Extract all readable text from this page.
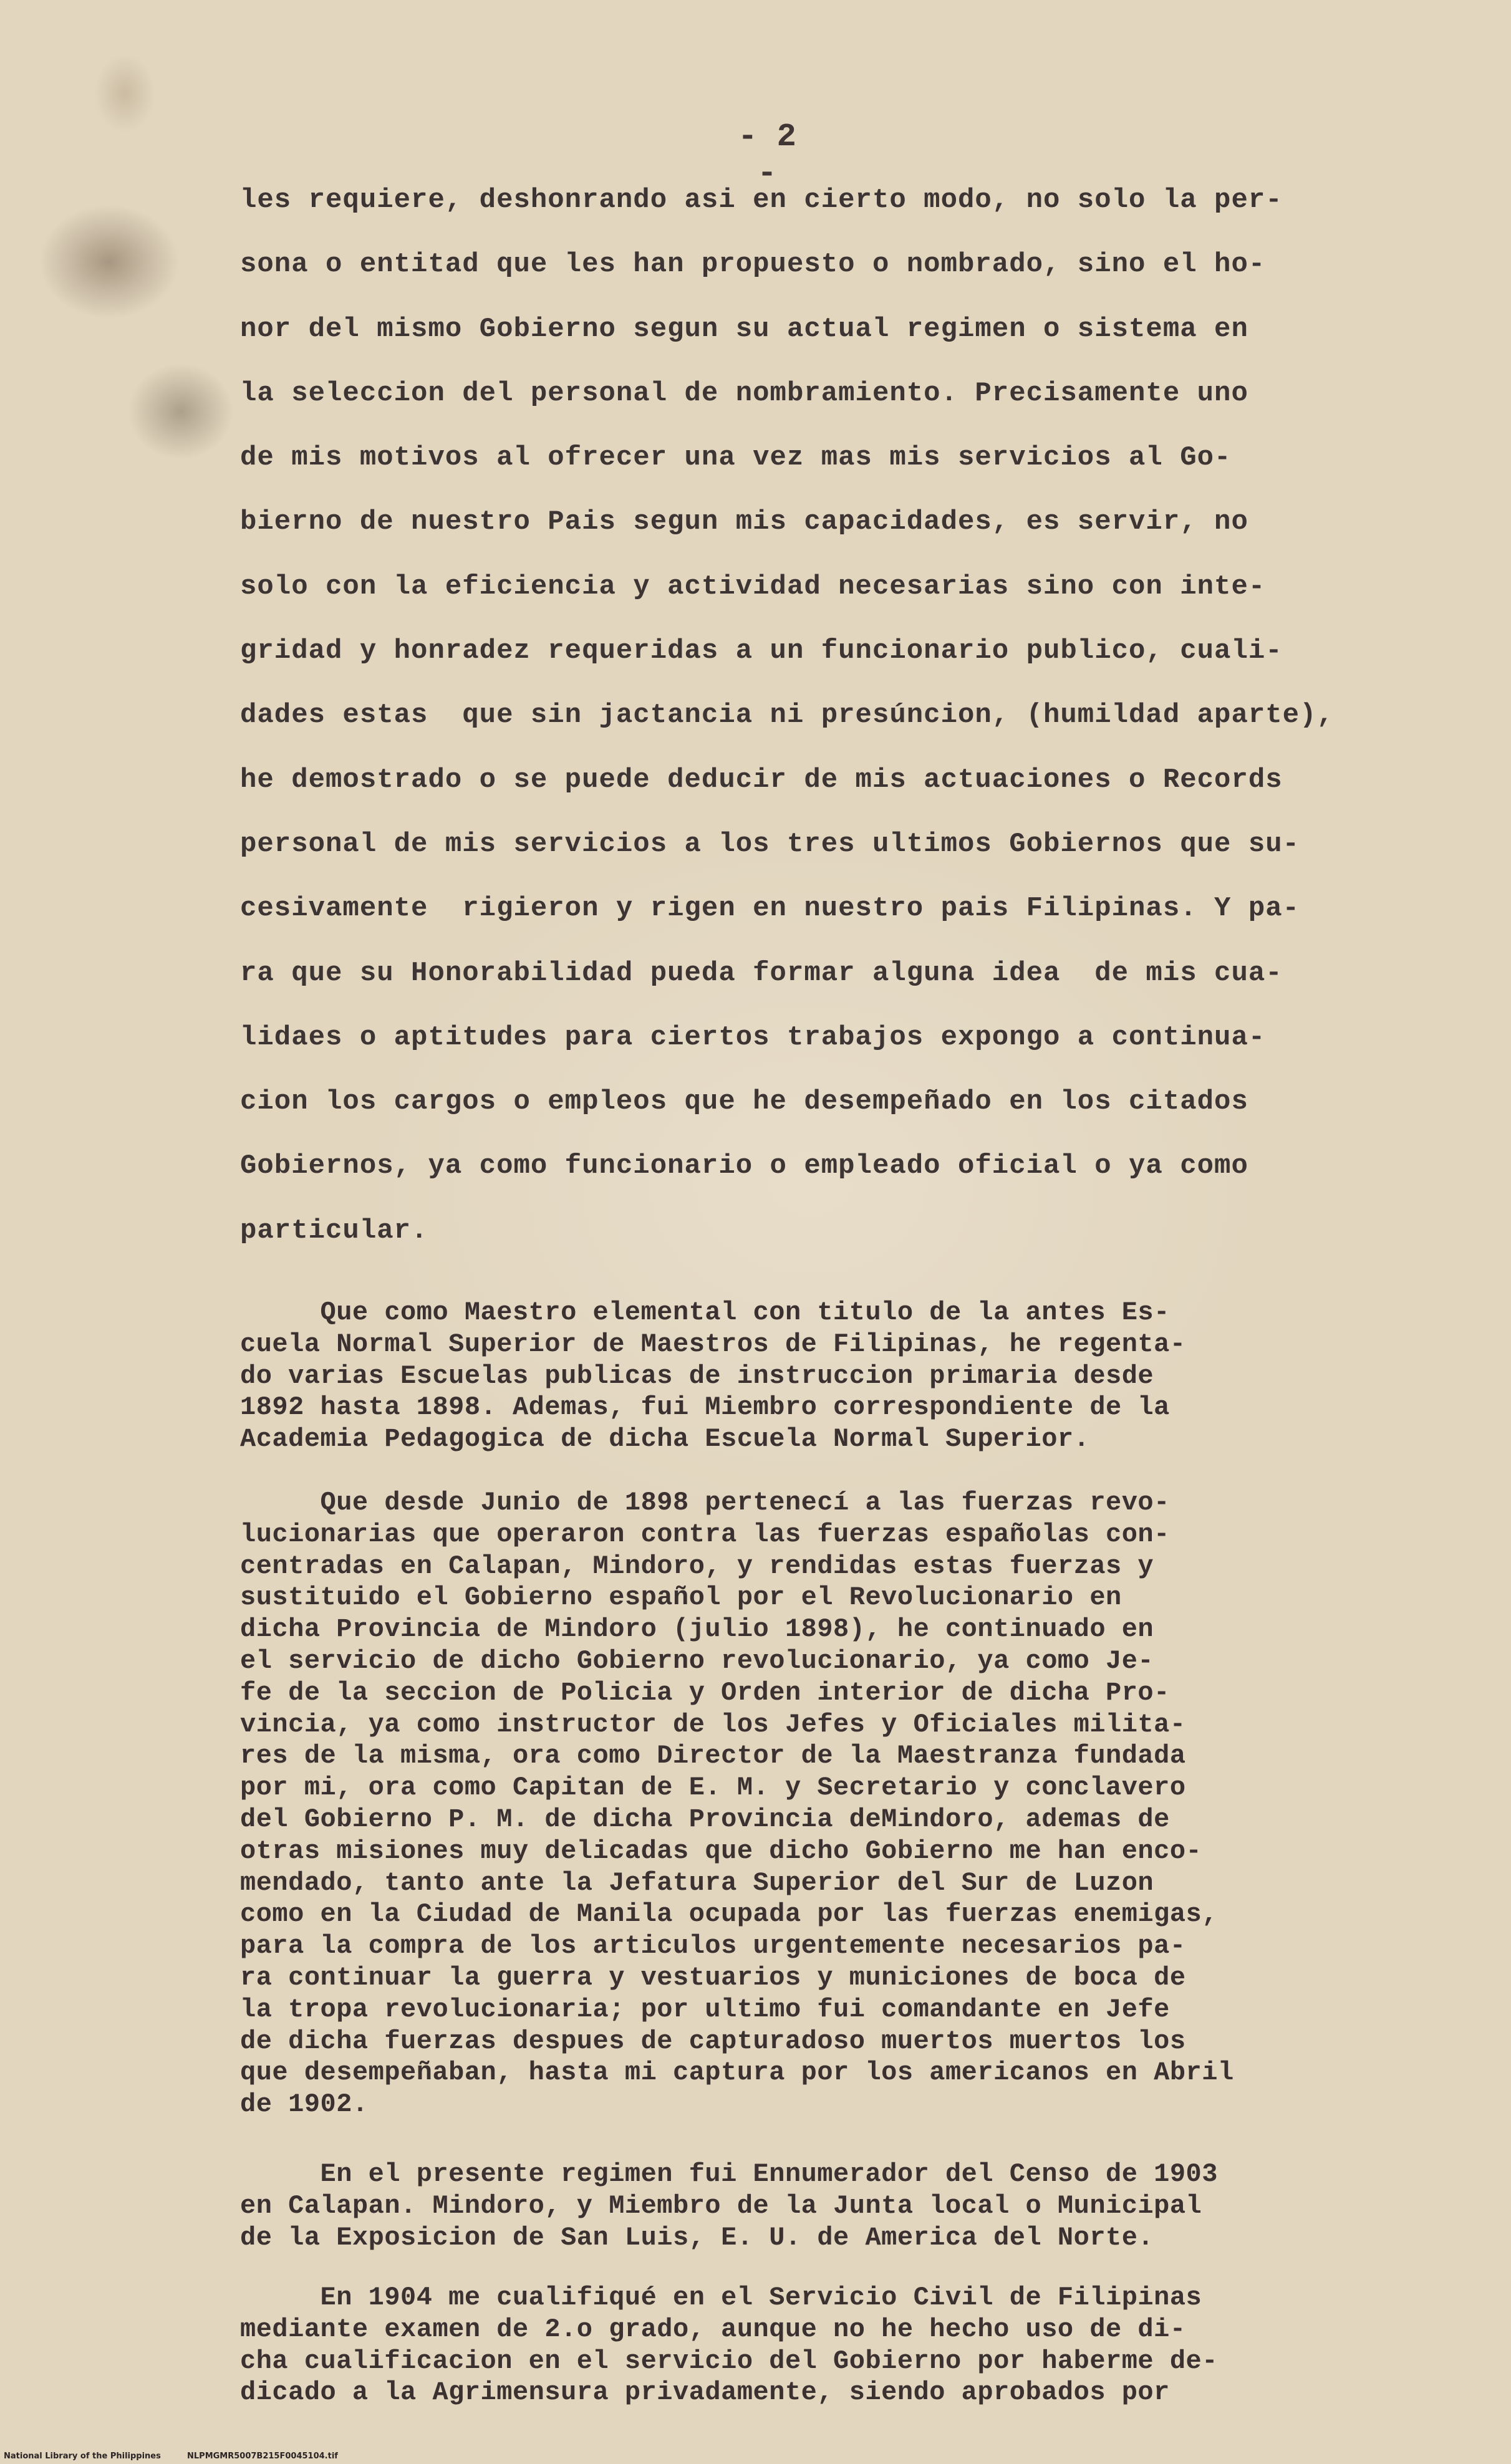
- 2 -
les requiere, deshonrando asi en cierto modo, no solo la per-
sona o entitad que les han propuesto o nombrado, sino el ho-
nor del mismo Gobierno segun su actual regimen o sistema en
la seleccion del personal de nombramiento. Precisamente uno
de mis motivos al ofrecer una vez mas mis servicios al Go-
bierno de nuestro Pais segun mis capacidades, es servir, no
solo con la eficiencia y actividad necesarias sino con inte-
gridad y honradez requeridas a un funcionario publico, cuali-
dades estas  que sin jactancia ni presúncion, (humildad aparte),
he demostrado o se puede deducir de mis actuaciones o Records
personal de mis servicios a los tres ultimos Gobiernos que su-
cesivamente  rigieron y rigen en nuestro pais Filipinas. Y pa-
ra que su Honorabilidad pueda formar alguna idea  de mis cua-
lidaes o aptitudes para ciertos trabajos expongo a continua-
cion los cargos o empleos que he desempeñado en los citados
Gobiernos, ya como funcionario o empleado oficial o ya como
particular.
Que como Maestro elemental con titulo de la antes Es-
cuela Normal Superior de Maestros de Filipinas, he regenta-
do varias Escuelas publicas de instruccion primaria desde
1892 hasta 1898. Ademas, fui Miembro correspondiente de la
Academia Pedagogica de dicha Escuela Normal Superior.
Que desde Junio de 1898 pertenecí a las fuerzas revo-
lucionarias que operaron contra las fuerzas españolas con-
centradas en Calapan, Mindoro, y rendidas estas fuerzas y
sustituido el Gobierno español por el Revolucionario en
dicha Provincia de Mindoro (julio 1898), he continuado en
el servicio de dicho Gobierno revolucionario, ya como Je-
fe de la seccion de Policia y Orden interior de dicha Pro-
vincia, ya como instructor de los Jefes y Oficiales milita-
res de la misma, ora como Director de la Maestranza fundada
por mi, ora como Capitan de E. M. y Secretario y conclavero
del Gobierno P. M. de dicha Provincia deMindoro, ademas de
otras misiones muy delicadas que dicho Gobierno me han enco-
mendado, tanto ante la Jefatura Superior del Sur de Luzon
como en la Ciudad de Manila ocupada por las fuerzas enemigas,
para la compra de los articulos urgentemente necesarios pa-
ra continuar la guerra y vestuarios y municiones de boca de
la tropa revolucionaria; por ultimo fui comandante en Jefe
de dicha fuerzas despues de capturadoso muertos muertos los
que desempeñaban, hasta mi captura por los americanos en Abril
de 1902.
En el presente regimen fui Ennumerador del Censo de 1903
en Calapan. Mindoro, y Miembro de la Junta local o Municipal
de la Exposicion de San Luis, E. U. de America del Norte.
En 1904 me cualifiqué en el Servicio Civil de Filipinas
mediante examen de 2.o grado, aunque no he hecho uso de di-
cha cualificacion en el servicio del Gobierno por haberme de-
dicado a la Agrimensura privadamente, siendo aprobados por
National Library of the Philippines	NLPMGMR5007B215F0045104.tif
